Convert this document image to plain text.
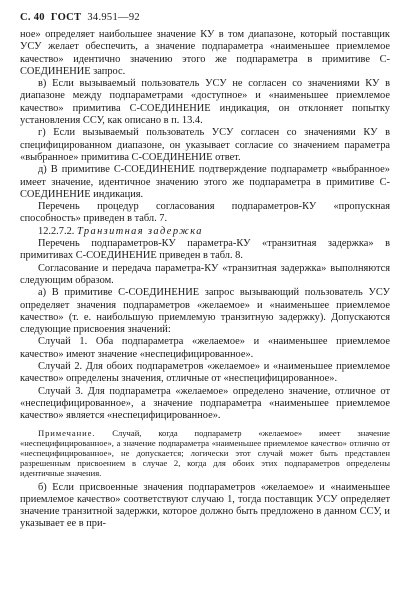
С. 40 ГОСТ 34.951—92

ное» определяет наибольшее значение КУ в том диапазоне, который поставщик УСУ желает обеспечить, а значение подпараметра «наименьшее приемлемое качество» идентично значению этого же подпараметра в примитиве С-СОЕДИНЕНИЕ запрос.

в) Если вызываемый пользователь УСУ не согласен со значениями КУ в диапазоне между подпараметрами «доступное» и «наименьшее приемлемое качество» примитива С-СОЕДИНЕНИЕ индикация, он отклоняет попытку установления ССУ, как описано в п. 13.4.

г) Если вызываемый пользователь УСУ согласен со значениями КУ в специфицированном диапазоне, он указывает согласие со значением параметра «выбранное» примитива С-СОЕДИНЕНИЕ ответ.

д) В примитиве С-СОЕДИНЕНИЕ подтверждение подпараметр «выбранное» имеет значение, идентичное значению этого же подпараметра в примитиве С-СОЕДИНЕНИЕ индикация.

Перечень процедур согласования подпараметров-КУ «пропускная способность» приведен в табл. 7.

12.2.7.2. Транзитная задержка

Перечень подпараметров-КУ параметра-КУ «транзитная задержка» в примитивах С-СОЕДИНЕНИЕ приведен в табл. 8.

Согласование и передача параметра-КУ «транзитная задержка» выполняются следующим образом.

а) В примитиве С-СОЕДИНЕНИЕ запрос вызывающий пользователь УСУ определяет значения подпараметров «желаемое» и «наименьшее приемлемое качество» (т. е. наибольшую приемлемую транзитную задержку). Допускаются следующие присвоения значений:

Случай 1. Оба подпараметра «желаемое» и «наименьшее приемлемое качество» имеют значение «неспецифицированное».

Случай 2. Для обоих подпараметров «желаемое» и «наименьшее приемлемое качество» определены значения, отличные от «неспецифицированное».

Случай 3. Для подпараметра «желаемое» определено значение, отличное от «неспецифицированное», а значение подпараметра «наименьшее приемлемое качество» является «неспецифицированное».

Примечание. Случай, когда подпараметр «желаемое» имеет значение «неспецифицированное», а значение подпараметра «наименьшее приемлемое качество» отлично от «неспецифицированное», не допускается; логически этот случай может быть представлен разрешенным присвоением в случае 2, когда для обоих этих подпараметров определены идентичные значения.

б) Если присвоенные значения подпараметров «желаемое» и «наименьшее приемлемое качество» соответствуют случаю 1, тогда поставщик УСУ определяет значение транзитной задержки, которое должно быть предложено в данном ССУ, и указывает ее в при-
